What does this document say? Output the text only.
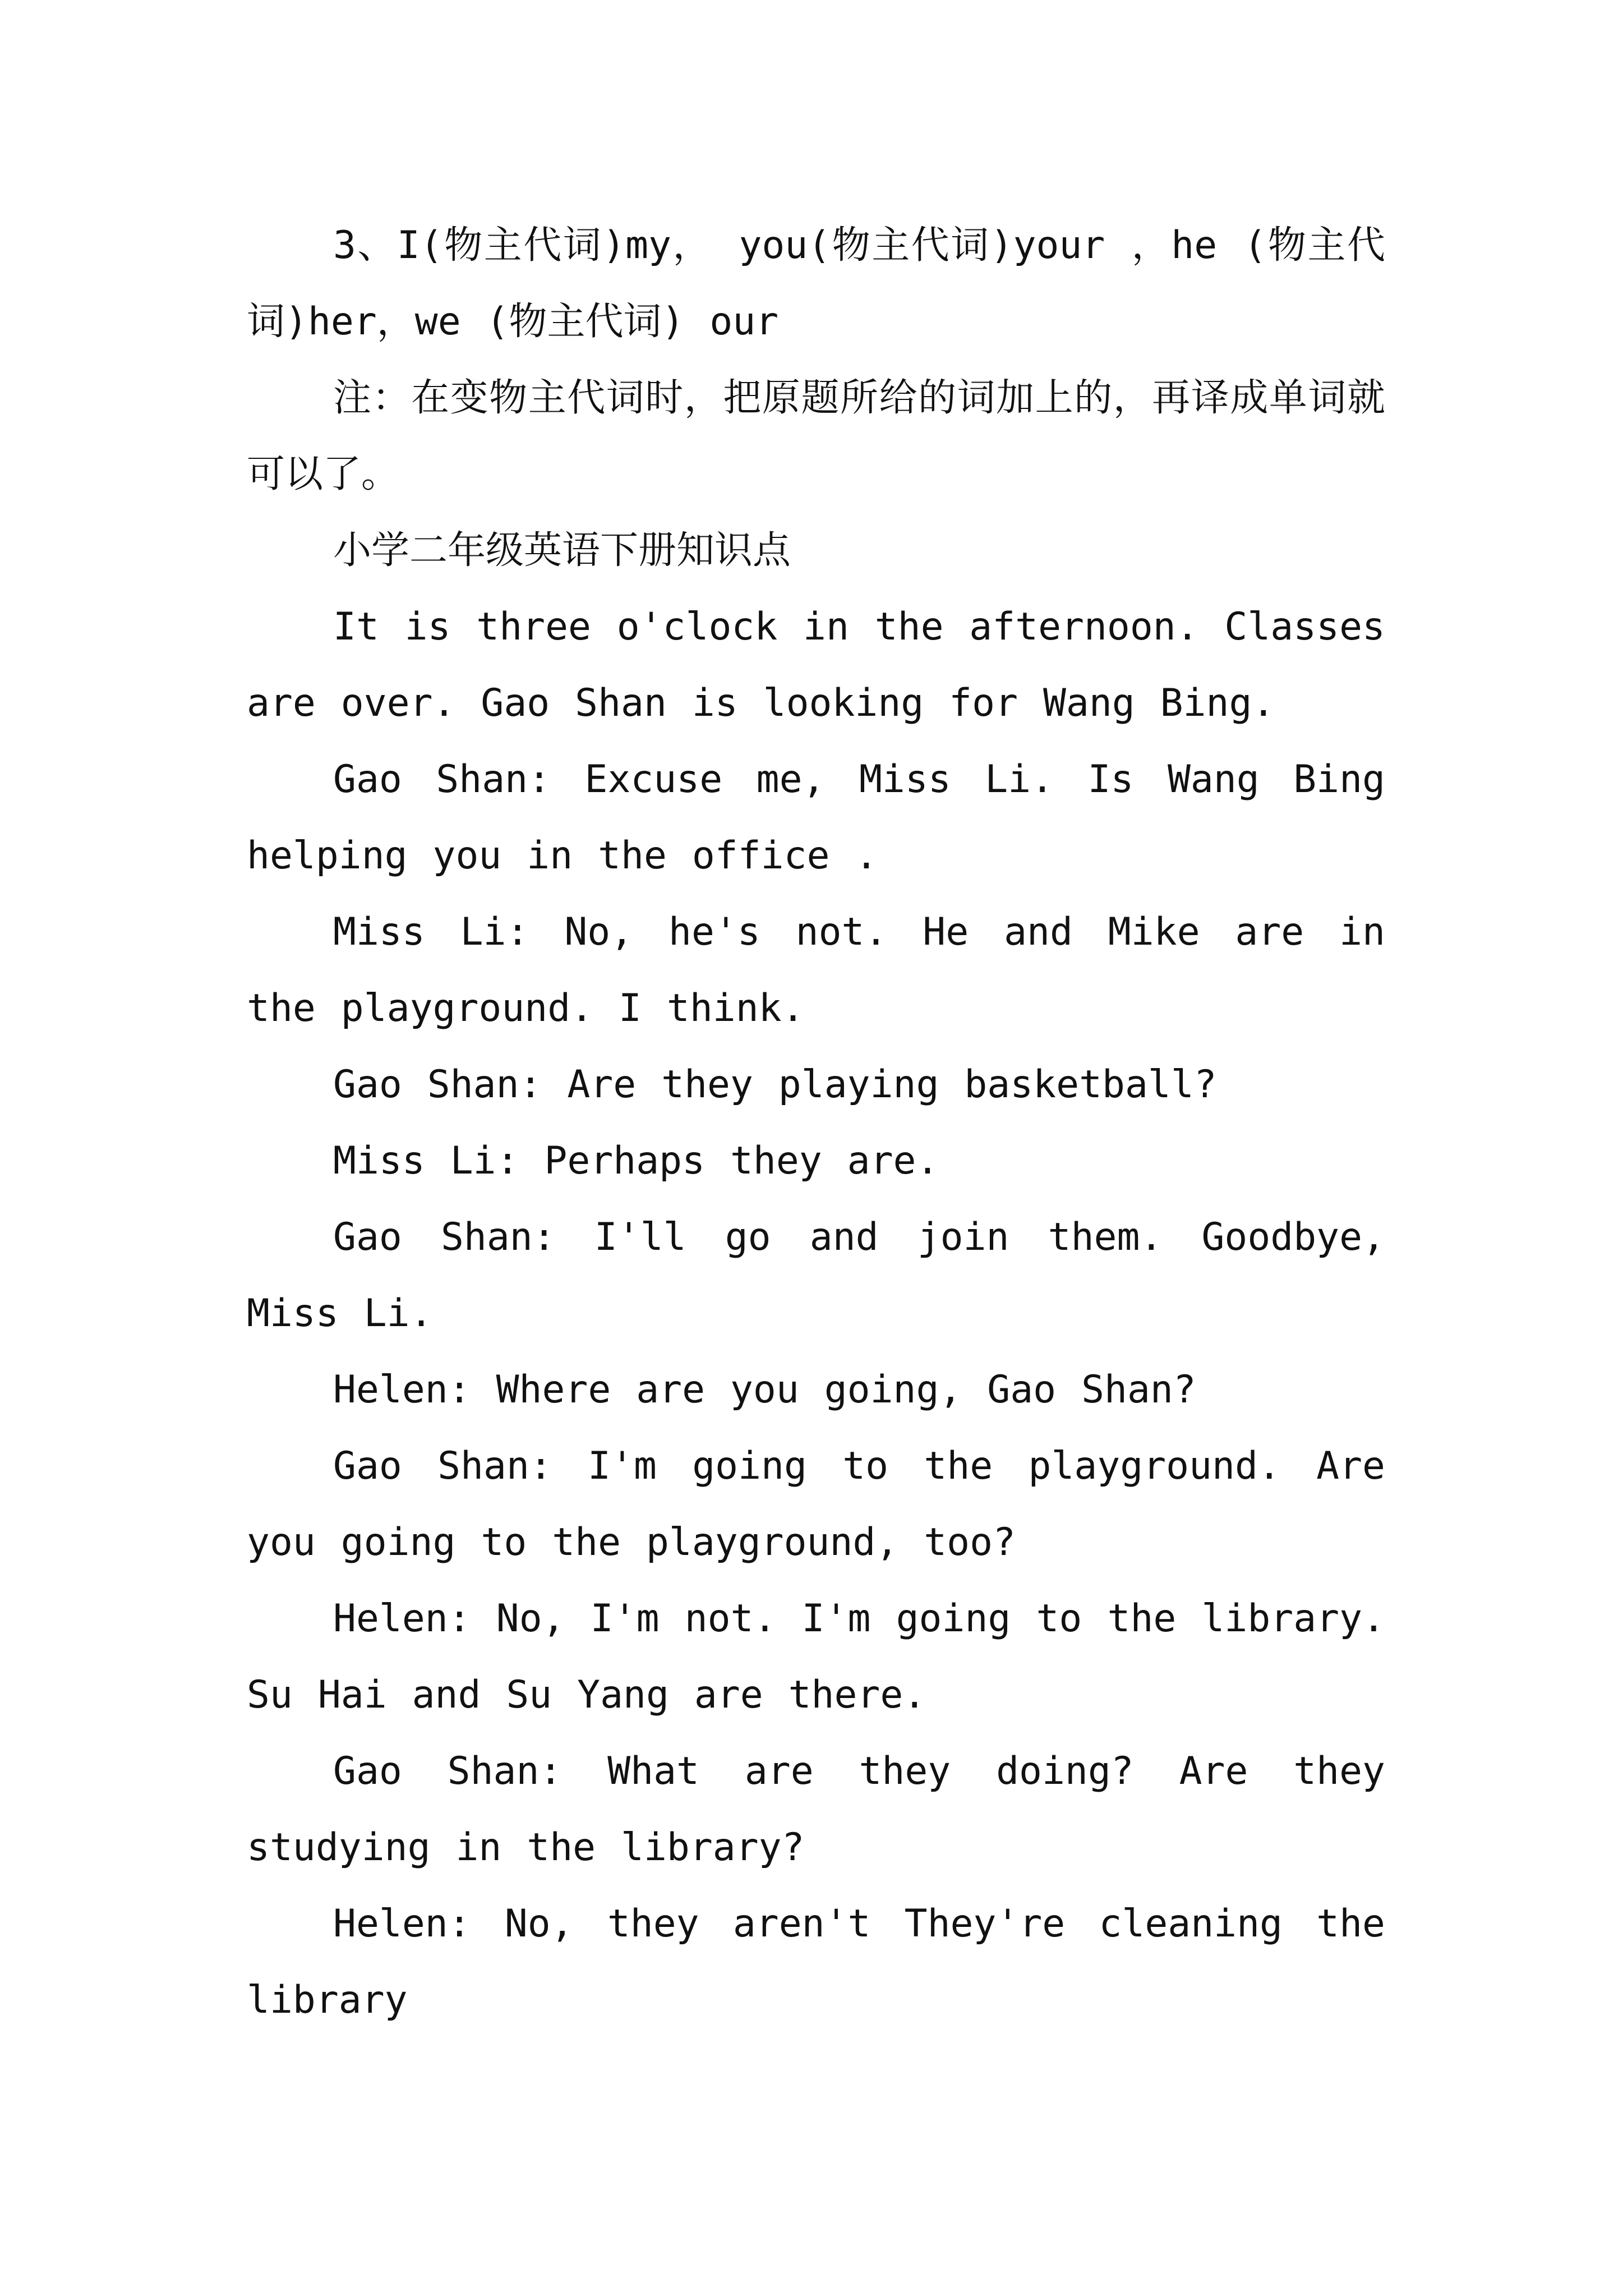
3、I(物主代词)my， you(物主代词)your ，he (物主代词)her，we (物主代词) our

注：在变物主代词时，把原题所给的词加上的，再译成单词就可以了。

小学二年级英语下册知识点

It is three o'clock in the afternoon. Classes are over. Gao Shan is looking for Wang Bing.

Gao Shan: Excuse me, Miss Li. Is Wang Bing helping you in the office .

Miss Li: No, he's not. He and Mike are in the playground. I think.

Gao Shan: Are they playing basketball?

Miss Li: Perhaps they are.

Gao Shan: I'll go and join them. Goodbye, Miss Li.

Helen: Where are you going, Gao Shan?

Gao Shan: I'm going to the playground. Are you going to the playground, too?

Helen: No, I'm not. I'm going to the library. Su Hai and Su Yang are there.

Gao Shan: What are they doing? Are they studying in the library?

Helen: No, they aren't They're cleaning the library
